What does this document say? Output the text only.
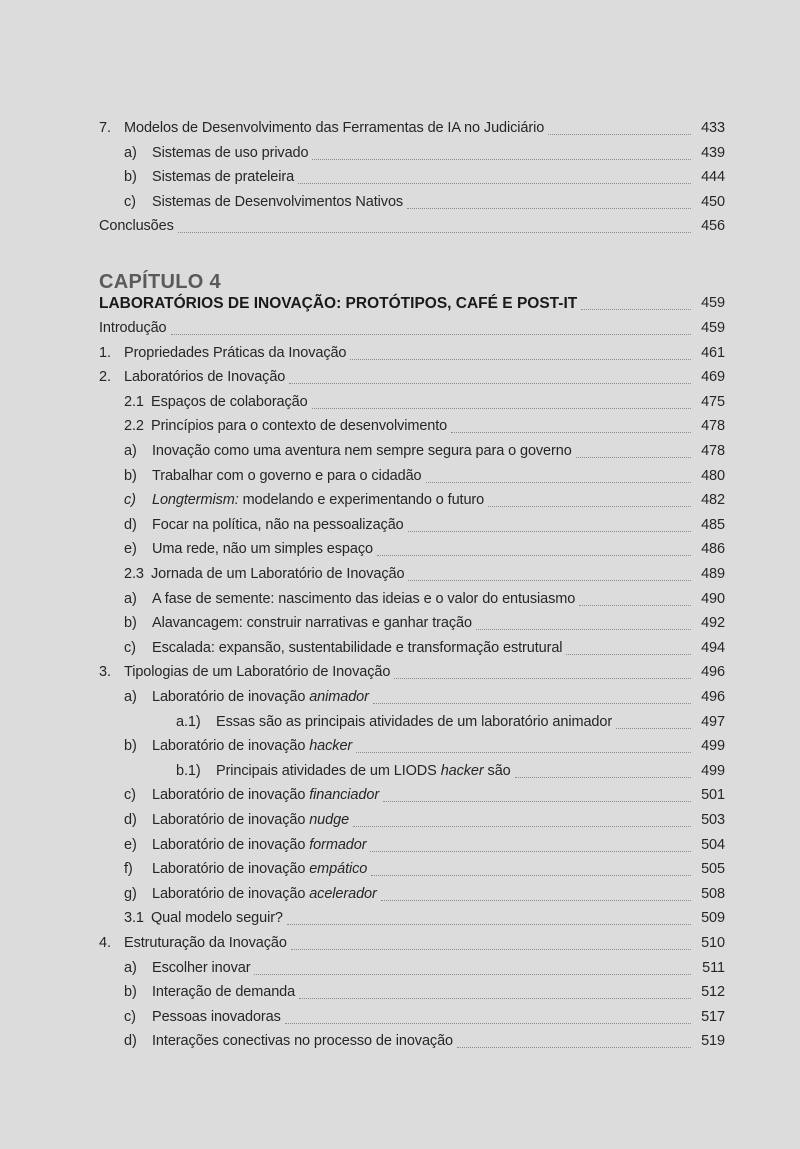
7. Modelos de Desenvolvimento das Ferramentas de IA no Judiciário	433
a)	Sistemas de uso privado	439
b)	Sistemas de prateleira	444
c)	Sistemas de Desenvolvimentos Nativos	450
Conclusões	456
CAPÍTULO 4
LABORATÓRIOS DE INOVAÇÃO: PROTÓTIPOS, CAFÉ E POST-IT	459
Introdução	459
1. Propriedades Práticas da Inovação	461
2. Laboratórios de Inovação	469
2.1 Espaços de colaboração	475
2.2 Princípios para o contexto de desenvolvimento	478
a)	Inovação como uma aventura nem sempre segura para o governo	478
b)	Trabalhar com o governo e para o cidadão	480
c)	Longtermism: modelando e experimentando o futuro	482
d)	Focar na política, não na pessoalização	485
e)	Uma rede, não um simples espaço	486
2.3 Jornada de um Laboratório de Inovação	489
a)	A fase de semente: nascimento das ideias e o valor do entusiasmo	490
b)	Alavancagem: construir narrativas e ganhar tração	492
c)	Escalada: expansão, sustentabilidade e transformação estrutural	494
3. Tipologias de um Laboratório de Inovação	496
a)	Laboratório de inovação animador	496
a.1)	Essas são as principais atividades de um laboratório animador	497
b)	Laboratório de inovação hacker	499
b.1)	Principais atividades de um LIODS hacker são	499
c)	Laboratório de inovação financiador	501
d)	Laboratório de inovação nudge	503
e)	Laboratório de inovação formador	504
f)	Laboratório de inovação empático	505
g)	Laboratório de inovação acelerador	508
3.1 Qual modelo seguir?	509
4. Estruturação da Inovação	510
a)	Escolher inovar	511
b)	Interação de demanda	512
c)	Pessoas inovadoras	517
d)	Interações conectivas no processo de inovação	519
